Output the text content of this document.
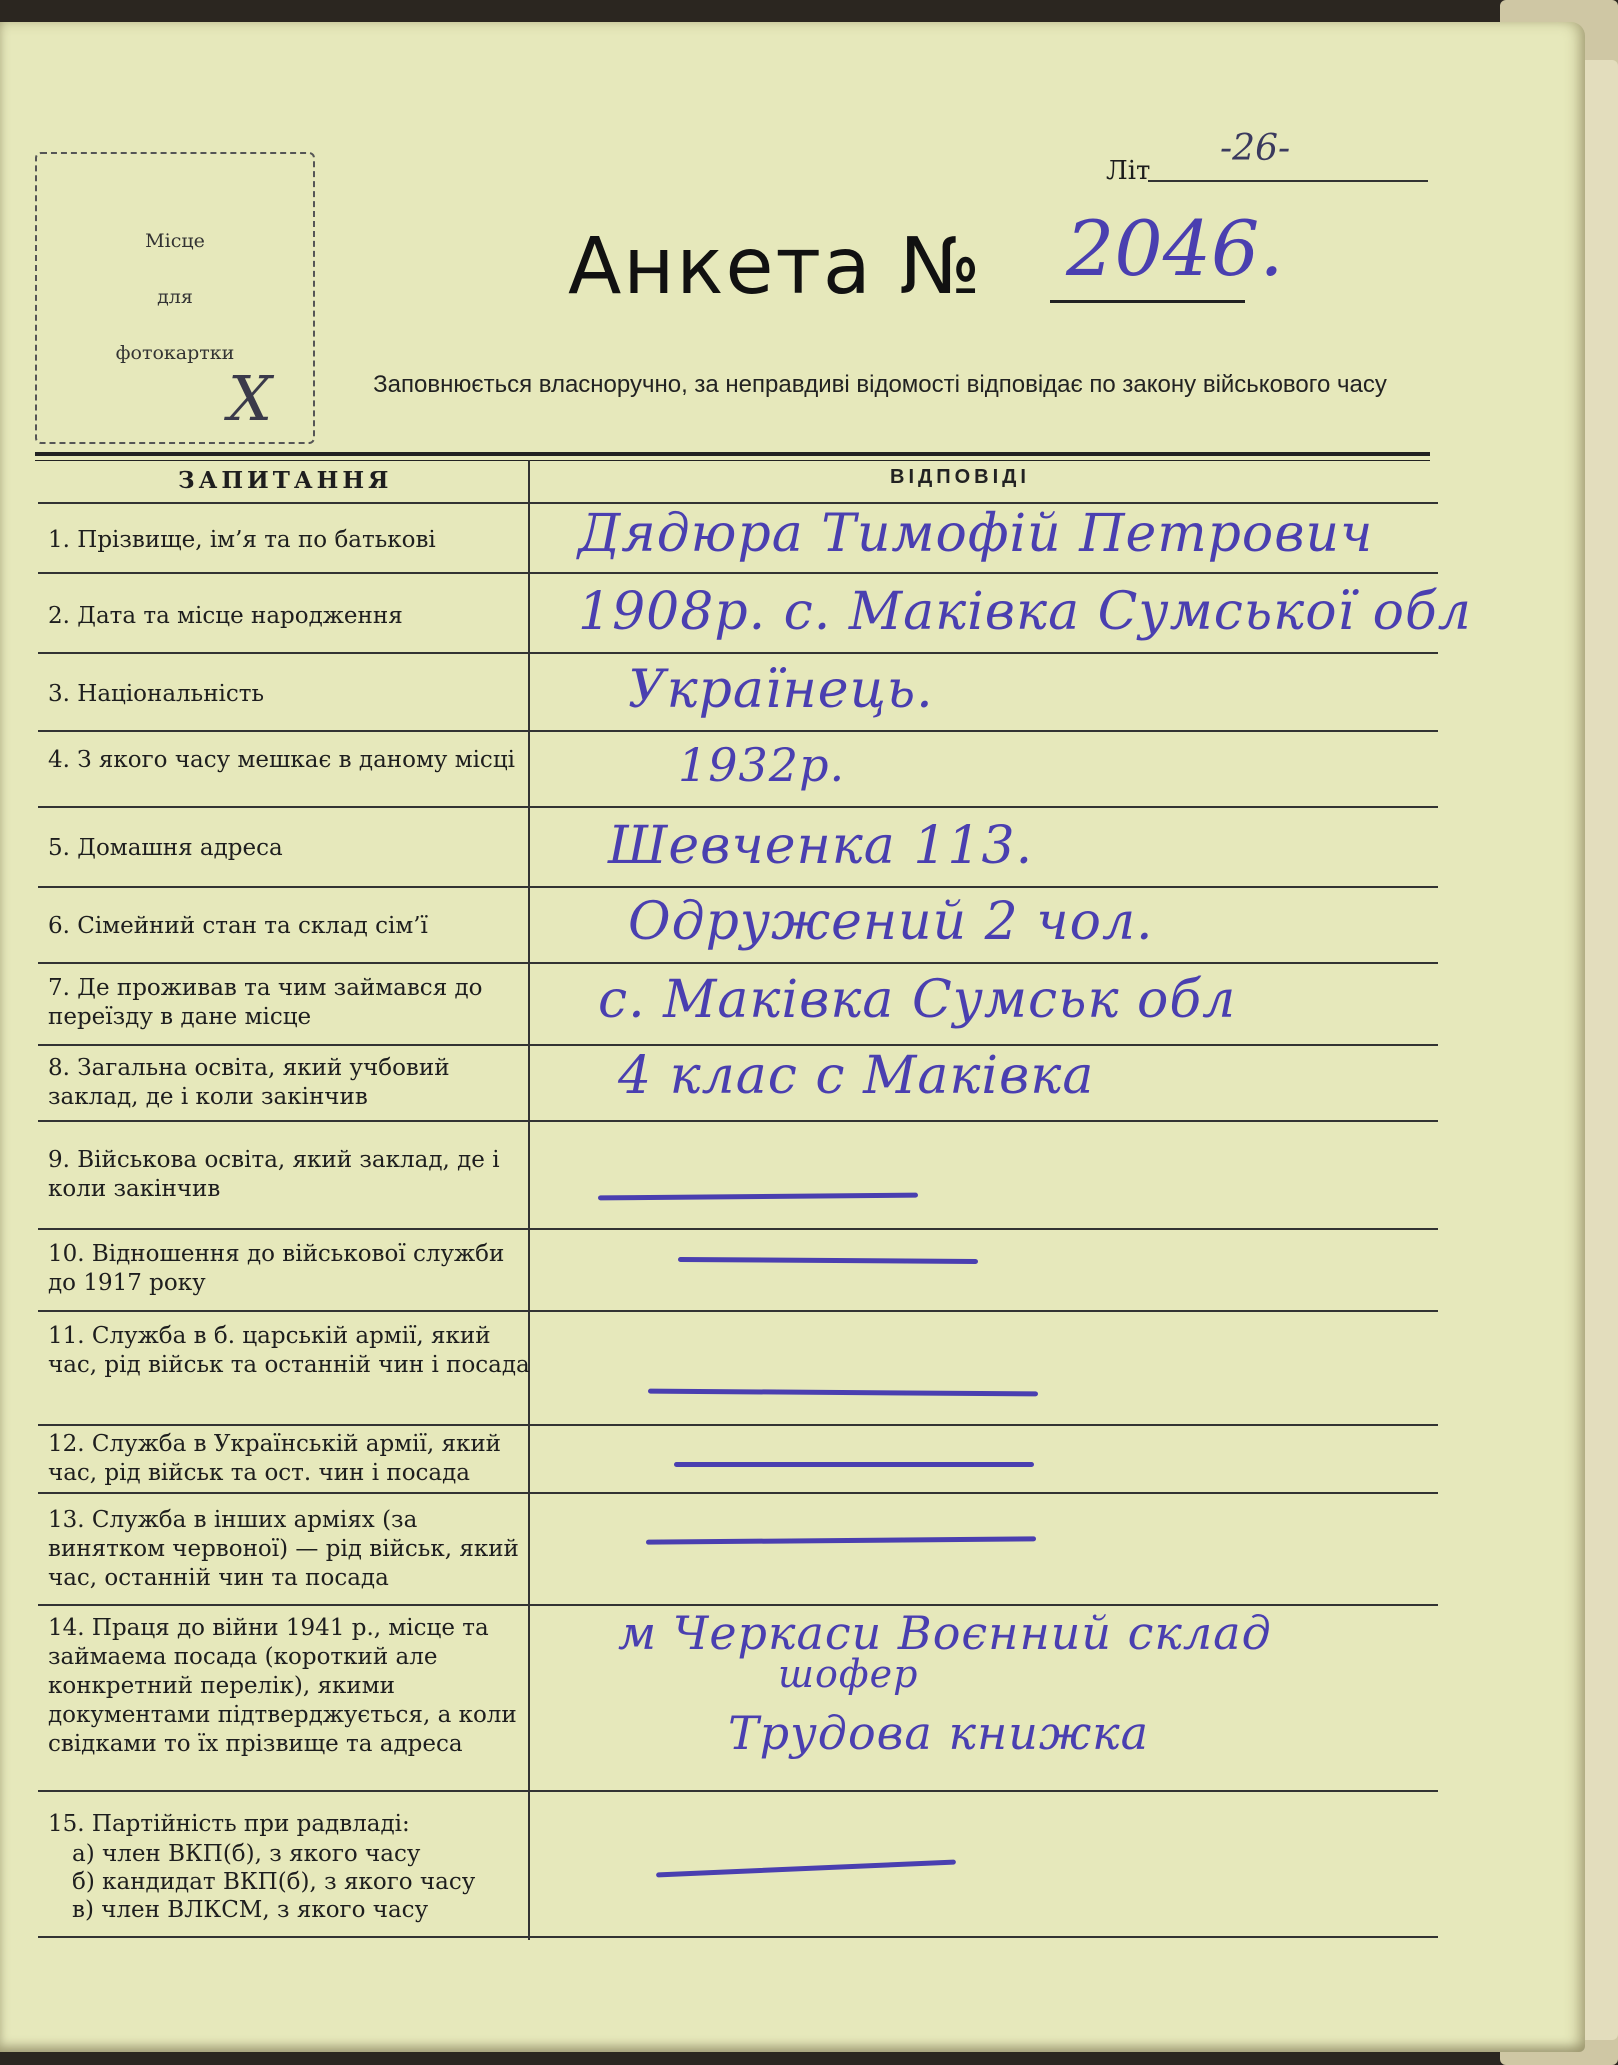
Місце
для
фотокартки
X
Літ
-26-
Анкета № 2046.
Заповнюється власноручно, за неправдиві відомості відповідає по закону військового часу
ЗАПИТАННЯ	ВІДПОВІДІ
1. Прізвище, ім’я та по батькові	Дядюра Тимофій Петрович
2. Дата та місце народження	1908р. с. Маківка Сумської обл
3. Національність	Українець.
4. З якого часу мешкає в даному місці	1932р.
5. Домашня адреса	Шевченка 113.
6. Сімейний стан та склад сім’ї	Одружений 2 чол.
7. Де проживав та чим займався до переїзду в дане місце	с. Маківка Сумськ обл
8. Загальна освіта, який учбовий заклад, де і коли закінчив	4 клас с Маківка
9. Військова освіта, який заклад, де і коли закінчив
10. Відношення до військової служби до 1917 року
11. Служба в б. царській армії, який час, рід військ та останній чин і посада
12. Служба в Українській армії, який час, рід військ та ост. чин і посада
13. Служба в інших арміях (за винятком червоної) — рід військ, який час, останній чин та посада
14. Праця до війни 1941 р., місце та займаема посада (короткий але конкретний перелік), якими документами підтверджується, а коли свідками то їх прізвище та адреса
м Черкаси Воєнний склад
шофер
Трудова книжка
15. Партійність при радвладі:
а) член ВКП(б), з якого часу
б) кандидат ВКП(б), з якого часу
в) член ВЛКСМ, з якого часу
